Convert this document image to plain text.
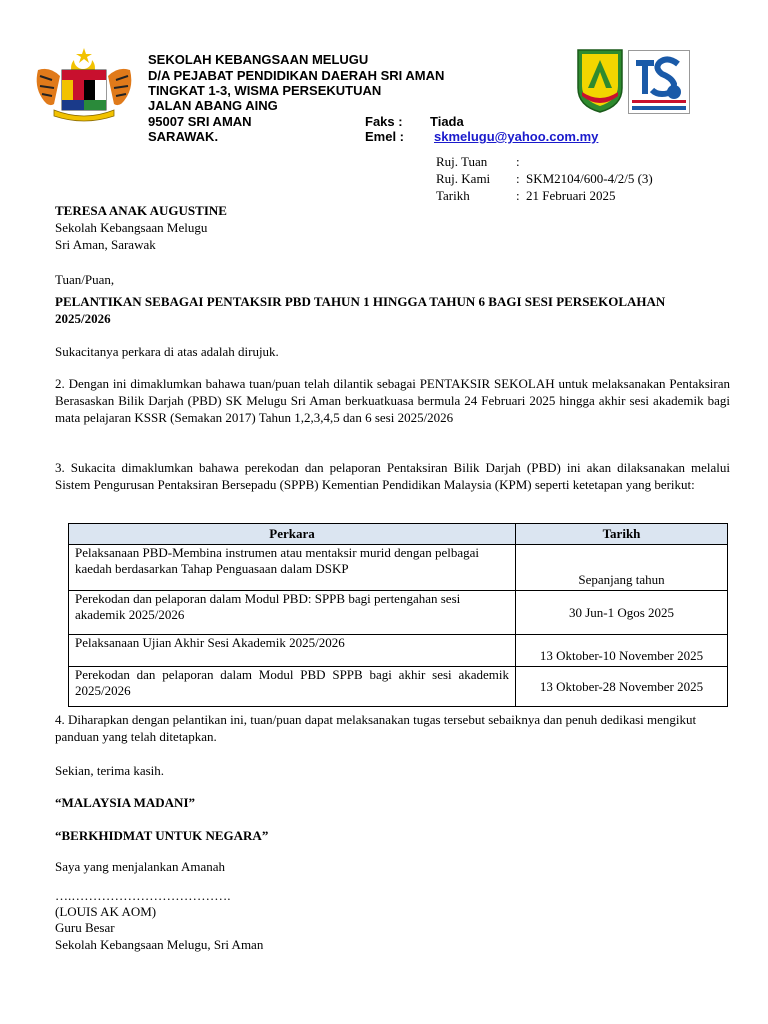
SEKOLAH KEBANGSAAN MELUGU
D/A PEJABAT PENDIDIKAN DAERAH SRI AMAN
TINGKAT 1-3, WISMA PERSEKUTUAN
JALAN ABANG AING
95007 SRI AMAN
SARAWAK.
Faks : Tiada
Emel : skmelugu@yahoo.com.my
Ruj. Tuan :
Ruj. Kami : SKM2104/600-4/2/5 (3)
Tarikh	: 21 Februari 2025
TERESA ANAK AUGUSTINE
Sekolah Kebangsaan Melugu
Sri Aman, Sarawak
Tuan/Puan,
PELANTIKAN SEBAGAI PENTAKSIR PBD TAHUN 1 HINGGA TAHUN 6 BAGI SESI PERSEKOLAHAN 2025/2026
Sukacitanya perkara di atas adalah dirujuk.
2. Dengan ini dimaklumkan bahawa tuan/puan telah dilantik sebagai PENTAKSIR SEKOLAH untuk melaksanakan Pentaksiran Berasaskan Bilik Darjah (PBD) SK Melugu Sri Aman berkuatkuasa bermula 24 Februari 2025 hingga akhir sesi akademik bagi mata pelajaran KSSR (Semakan 2017) Tahun 1,2,3,4,5 dan 6 sesi 2025/2026
3. Sukacita dimaklumkan bahawa perekodan dan pelaporan Pentaksiran Bilik Darjah (PBD) ini akan dilaksanakan melalui Sistem Pengurusan Pentaksiran Bersepadu (SPPB) Kementian Pendidikan Malaysia (KPM) seperti ketetapan yang berikut:
Perkara	Tarikh
Pelaksanaan PBD-Membina instrumen atau mentaksir murid dengan pelbagai kaedah berdasarkan Tahap Penguasaan dalam DSKP	Sepanjang tahun
Perekodan dan pelaporan dalam Modul PBD: SPPB bagi pertengahan sesi akademik 2025/2026	30 Jun-1 Ogos 2025
Pelaksanaan Ujian Akhir Sesi Akademik 2025/2026	13 Oktober-10 November 2025
Perekodan dan pelaporan dalam Modul PBD SPPB bagi akhir sesi akademik 2025/2026	13 Oktober-28 November 2025
4. Diharapkan dengan pelantikan ini, tuan/puan dapat melaksanakan tugas tersebut sebaiknya dan penuh dedikasi mengikut panduan yang telah ditetapkan.
Sekian, terima kasih.
“MALAYSIA MADANI”
“BERKHIDMAT UNTUK NEGARA”
Saya yang menjalankan Amanah
….……………………………….
(LOUIS AK AOM)
Guru Besar
Sekolah Kebangsaan Melugu, Sri Aman
